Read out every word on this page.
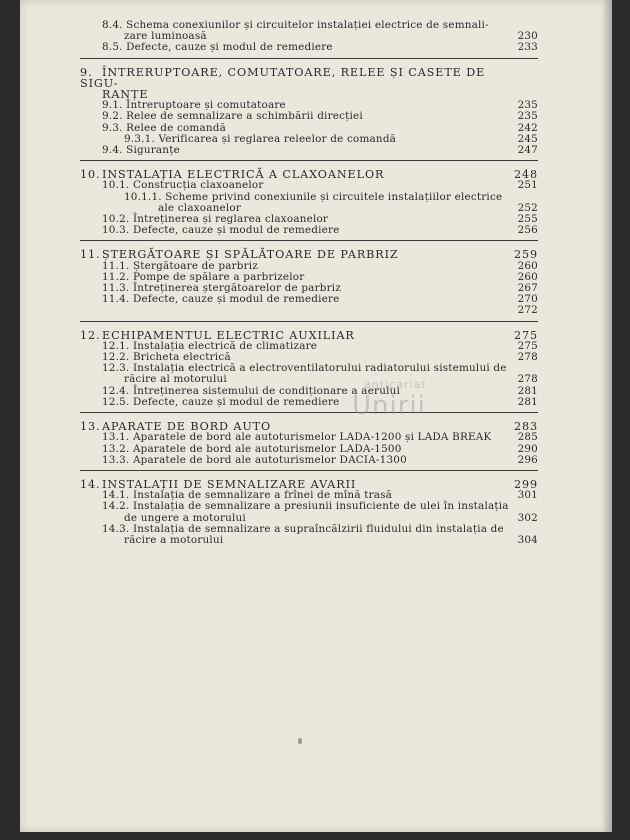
8.4. Schema conexiunilor și circuitelor instalației electrice de semnali-
zare luminoasă	230
8.5. Defecte, cauze și modul de remediere	233
9. ÎNTRERUPTOARE, COMUTATOARE, RELEE ȘI CASETE DE SIGU-
RANȚE
9.1. Întreruptoare și comutatoare	235
9.2. Relee de semnalizare a schimbării direcției	235
9.3. Relee de comandă	242
9.3.1. Verificarea și reglarea releelor de comandă	245
9.4. Siguranțe	247
10. INSTALAȚIA ELECTRICĂ A CLAXOANELOR	248
10.1. Construcția claxoanelor	251
10.1.1. Scheme privind conexiunile și circuitele instalațiilor electrice
ale claxoanelor	252
10.2. Întreținerea și reglarea claxoanelor	255
10.3. Defecte, cauze și modul de remediere	256
11. ȘTERGĂTOARE ȘI SPĂLĂTOARE DE PARBRIZ	259
11.1. Ștergătoare de parbriz	260
11.2. Pompe de spălare a parbrizelor	260
11.3. Întreținerea ștergătoarelor de parbriz	267
11.4. Defecte, cauze și modul de remediere	270
272
12. ECHIPAMENTUL ELECTRIC AUXILIAR	275
12.1. Instalația electrică de climatizare	275
12.2. Bricheta electrică	278
12.3. Instalația electrică a electroventilatorului radiatorului sistemului de
răcire al motorului	278
12.4. Întreținerea sistemului de condiționare a aerului	281
12.5. Defecte, cauze și modul de remediere	281
13. APARATE DE BORD AUTO	283
13.1. Aparatele de bord ale autoturismelor LADA-1200 și LADA BREAK	285
13.2. Aparatele de bord ale autoturismelor LADA-1500	290
13.3. Aparatele de bord ale autoturismelor DACIA-1300	296
14. INSTALAȚII DE SEMNALIZARE AVARII	299
14.1. Instalația de semnalizare a frînei de mînă trasă	301
14.2. Instalația de semnalizare a presiunii insuficiente de ulei în instalația
de ungere a motorului	302
14.3. Instalația de semnalizare a supraîncălzirii fluidului din instalația de
răcire a motorului	304
anticariat
Unirii
